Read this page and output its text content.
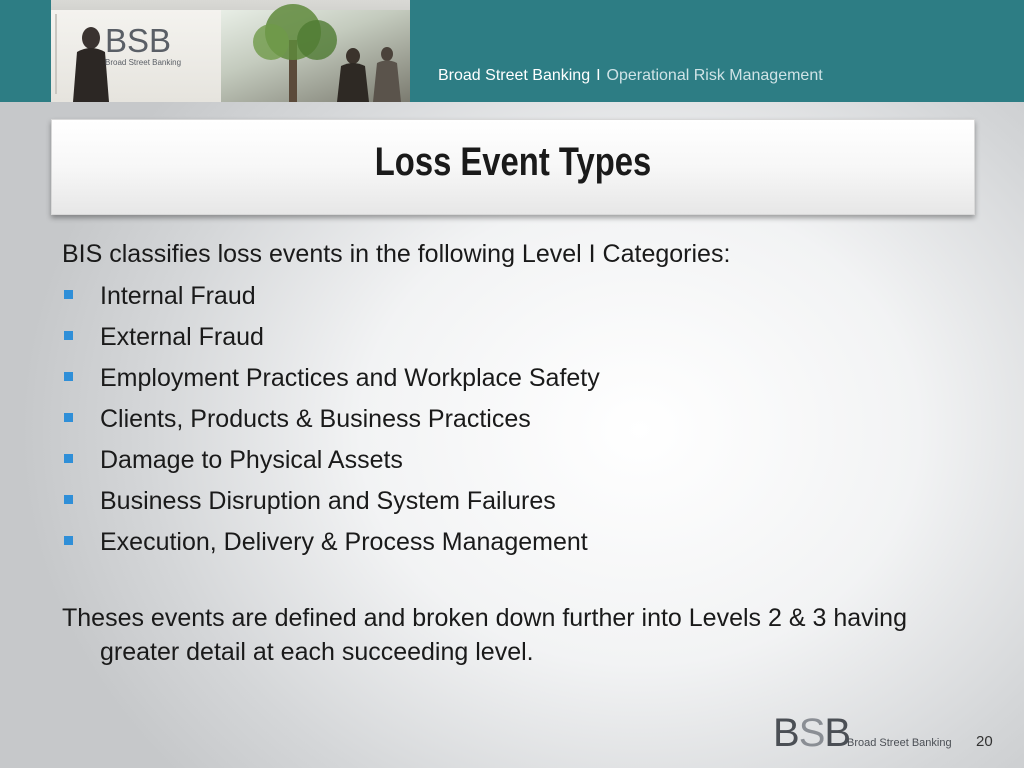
BSB
Broad Street Banking
Broad Street Banking I Operational Risk Management
Loss Event Types

BIS classifies loss events in the following Level I Categories:

Internal Fraud
External Fraud
Employment Practices and Workplace Safety
Clients, Products & Business Practices
Damage to Physical Assets
Business Disruption and System Failures
Execution, Delivery & Process Management

Theses events are defined and broken down further into Levels 2 & 3 having greater detail at each succeeding level.

BSB
Broad Street Banking 20
